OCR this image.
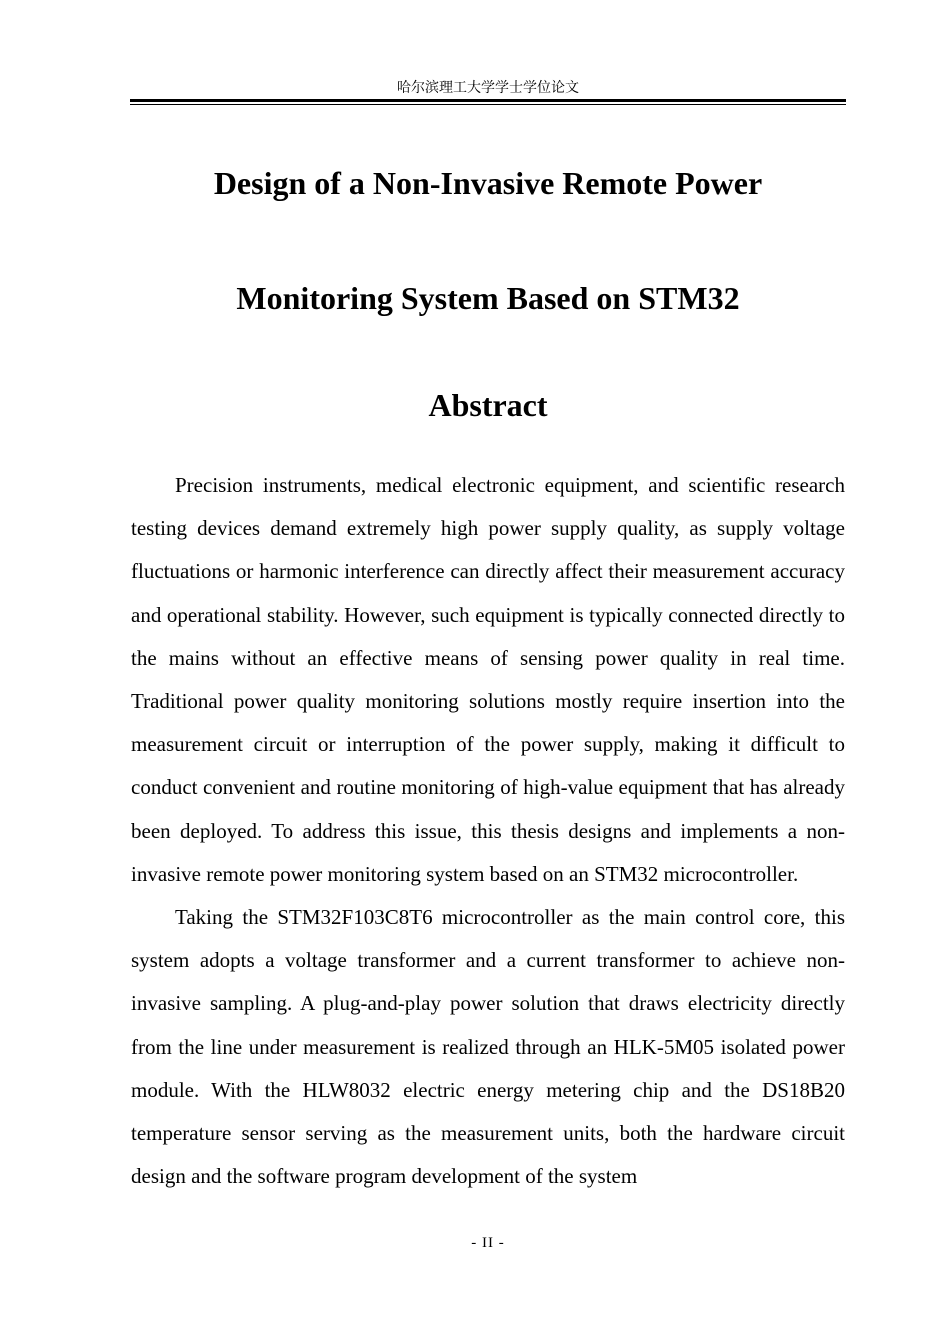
哈尔滨理工大学学士学位论文
Design of a Non-Invasive Remote Power
Monitoring System Based on STM32
Abstract

Precision instruments, medical electronic equipment, and scientific research testing devices demand extremely high power supply quality, as supply voltage fluctuations or harmonic interference can directly affect their measurement accuracy and operational stability. However, such equipment is typically connected directly to the mains without an effective means of sensing power quality in real time. Traditional power quality monitoring solutions mostly require insertion into the measurement circuit or interruption of the power supply, making it difficult to conduct convenient and routine monitoring of high-value equipment that has already been deployed. To address this issue, this thesis designs and implements a non-invasive remote power monitoring system based on an STM32 microcontroller.

Taking the STM32F103C8T6 microcontroller as the main control core, this system adopts a voltage transformer and a current transformer to achieve non-invasive sampling. A plug-and-play power solution that draws electricity directly from the line under measurement is realized through an HLK-5M05 isolated power module. With the HLW8032 electric energy metering chip and the DS18B20 temperature sensor serving as the measurement units, both the hardware circuit design and the software program development of the system

- II -
